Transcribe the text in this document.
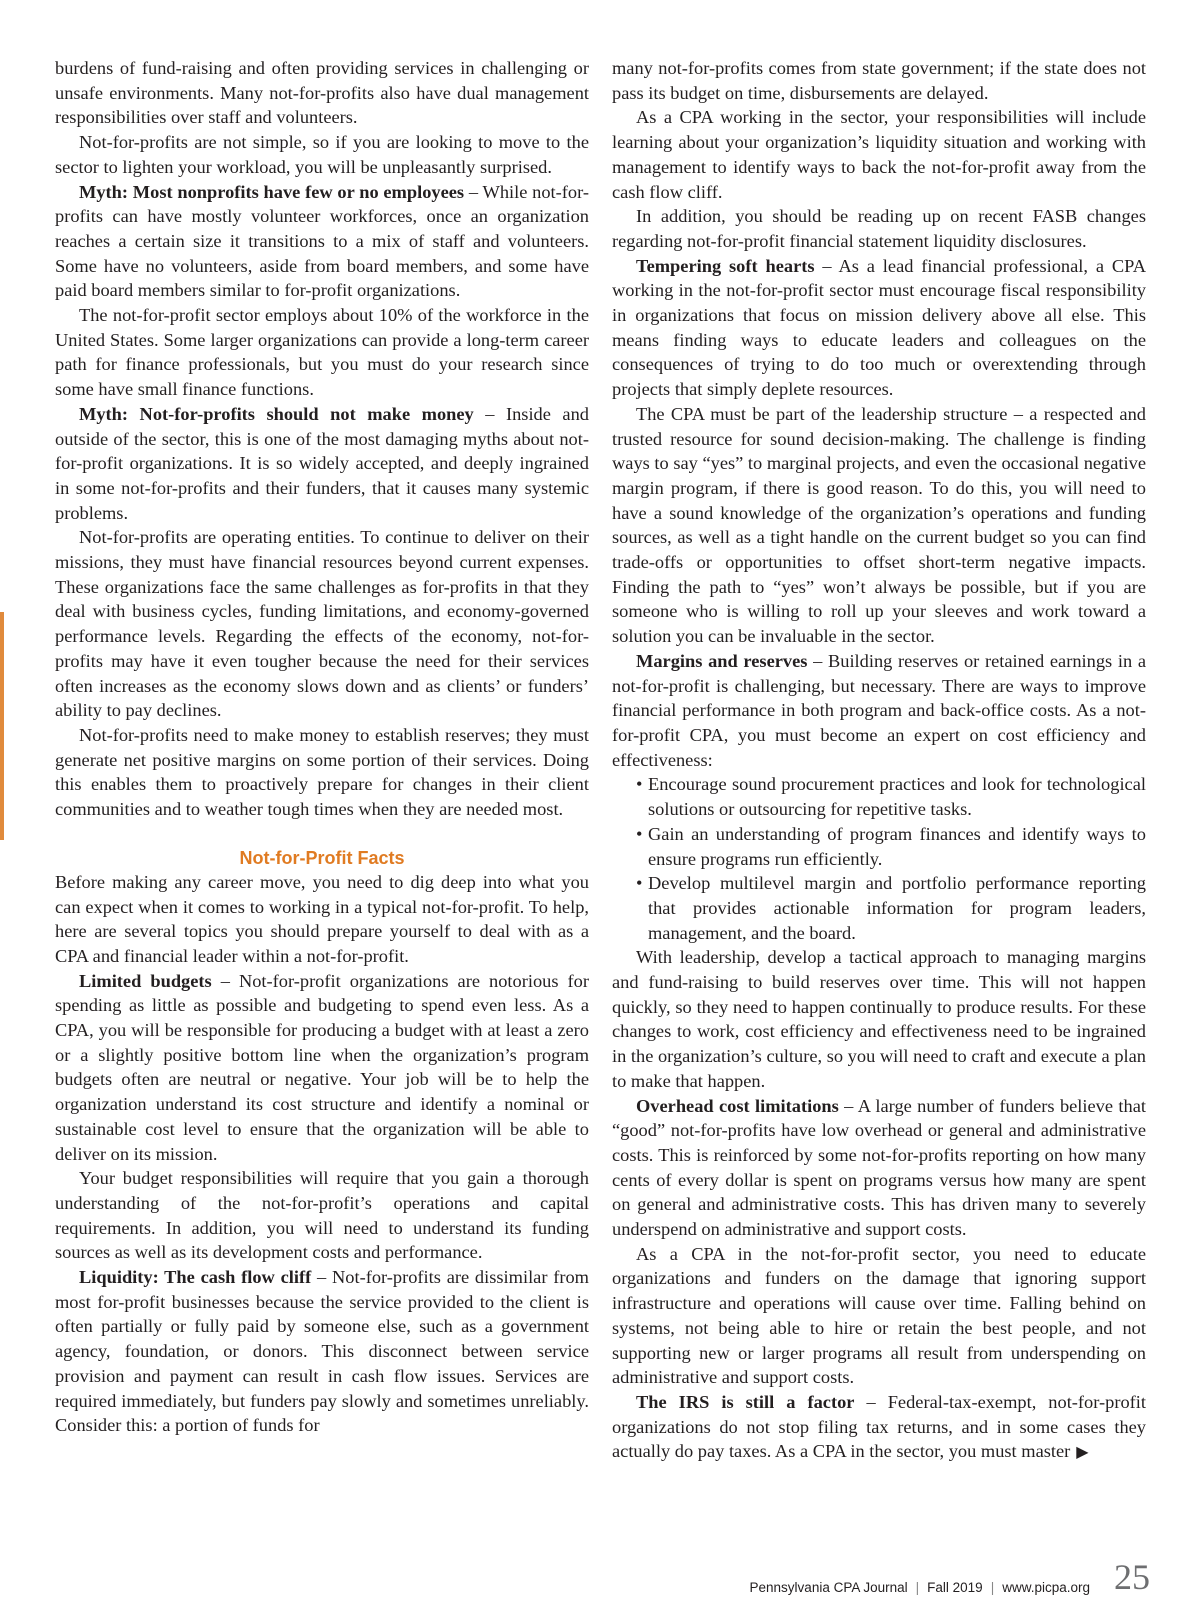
burdens of fund-raising and often providing services in challenging or unsafe environments. Many not-for-profits also have dual management responsibilities over staff and volunteers.

Not-for-profits are not simple, so if you are looking to move to the sector to lighten your workload, you will be unpleasantly surprised.

Myth: Most nonprofits have few or no employees – While not-for-profits can have mostly volunteer workforces, once an organization reaches a certain size it transitions to a mix of staff and volunteers. Some have no volunteers, aside from board members, and some have paid board members similar to for-profit organizations.

The not-for-profit sector employs about 10% of the workforce in the United States. Some larger organizations can provide a long-term career path for finance professionals, but you must do your research since some have small finance functions.

Myth: Not-for-profits should not make money – Inside and outside of the sector, this is one of the most damaging myths about not-for-profit organizations. It is so widely accepted, and deeply ingrained in some not-for-profits and their funders, that it causes many systemic problems.

Not-for-profits are operating entities. To continue to deliver on their missions, they must have financial resources beyond current expenses. These organizations face the same challenges as for-profits in that they deal with business cycles, funding limitations, and economy-governed performance levels. Regarding the effects of the economy, not-for-profits may have it even tougher because the need for their services often increases as the economy slows down and as clients’ or funders’ ability to pay declines.

Not-for-profits need to make money to establish reserves; they must generate net positive margins on some portion of their services. Doing this enables them to proactively prepare for changes in their client communities and to weather tough times when they are needed most.

Not-for-Profit Facts

Before making any career move, you need to dig deep into what you can expect when it comes to working in a typical not-for-profit. To help, here are several topics you should prepare yourself to deal with as a CPA and financial leader within a not-for-profit.

Limited budgets – Not-for-profit organizations are notorious for spending as little as possible and budgeting to spend even less. As a CPA, you will be responsible for producing a budget with at least a zero or a slightly positive bottom line when the organization’s program budgets often are neutral or negative. Your job will be to help the organization understand its cost structure and identify a nominal or sustainable cost level to ensure that the organization will be able to deliver on its mission.

Your budget responsibilities will require that you gain a thorough understanding of the not-for-profit’s operations and capital requirements. In addition, you will need to understand its funding sources as well as its development costs and performance.

Liquidity: The cash flow cliff – Not-for-profits are dissimilar from most for-profit businesses because the service provided to the client is often partially or fully paid by someone else, such as a government agency, foundation, or donors. This disconnect between service provision and payment can result in cash flow issues. Services are required immediately, but funders pay slowly and sometimes unreliably. Consider this: a portion of funds for

many not-for-profits comes from state government; if the state does not pass its budget on time, disbursements are delayed.

As a CPA working in the sector, your responsibilities will include learning about your organization’s liquidity situation and working with management to identify ways to back the not-for-profit away from the cash flow cliff.

In addition, you should be reading up on recent FASB changes regarding not-for-profit financial statement liquidity disclosures.

Tempering soft hearts – As a lead financial professional, a CPA working in the not-for-profit sector must encourage fiscal responsibility in organizations that focus on mission delivery above all else. This means finding ways to educate leaders and colleagues on the consequences of trying to do too much or overextending through projects that simply deplete resources.

The CPA must be part of the leadership structure – a respected and trusted resource for sound decision-making. The challenge is finding ways to say “yes” to marginal projects, and even the occasional negative margin program, if there is good reason. To do this, you will need to have a sound knowledge of the organization’s operations and funding sources, as well as a tight handle on the current budget so you can find trade-offs or opportunities to offset short-term negative impacts. Finding the path to “yes” won’t always be possible, but if you are someone who is willing to roll up your sleeves and work toward a solution you can be invaluable in the sector.

Margins and reserves – Building reserves or retained earnings in a not-for-profit is challenging, but necessary. There are ways to improve financial performance in both program and back-office costs. As a not-for-profit CPA, you must become an expert on cost efficiency and effectiveness:

• Encourage sound procurement practices and look for technological solutions or outsourcing for repetitive tasks.
• Gain an understanding of program finances and identify ways to ensure programs run efficiently.
• Develop multilevel margin and portfolio performance reporting that provides actionable information for program leaders, management, and the board.

With leadership, develop a tactical approach to managing margins and fund-raising to build reserves over time. This will not happen quickly, so they need to happen continually to produce results. For these changes to work, cost efficiency and effectiveness need to be ingrained in the organization’s culture, so you will need to craft and execute a plan to make that happen.

Overhead cost limitations – A large number of funders believe that “good” not-for-profits have low overhead or general and administrative costs. This is reinforced by some not-for-profits reporting on how many cents of every dollar is spent on programs versus how many are spent on general and administrative costs. This has driven many to severely underspend on administrative and support costs.

As a CPA in the not-for-profit sector, you need to educate organizations and funders on the damage that ignoring support infrastructure and operations will cause over time. Falling behind on systems, not being able to hire or retain the best people, and not supporting new or larger programs all result from underspending on administrative and support costs.

The IRS is still a factor – Federal-tax-exempt, not-for-profit organizations do not stop filing tax returns, and in some cases they actually do pay taxes. As a CPA in the sector, you must master ▶

Pennsylvania CPA Journal | Fall 2019 | www.picpa.org 25
